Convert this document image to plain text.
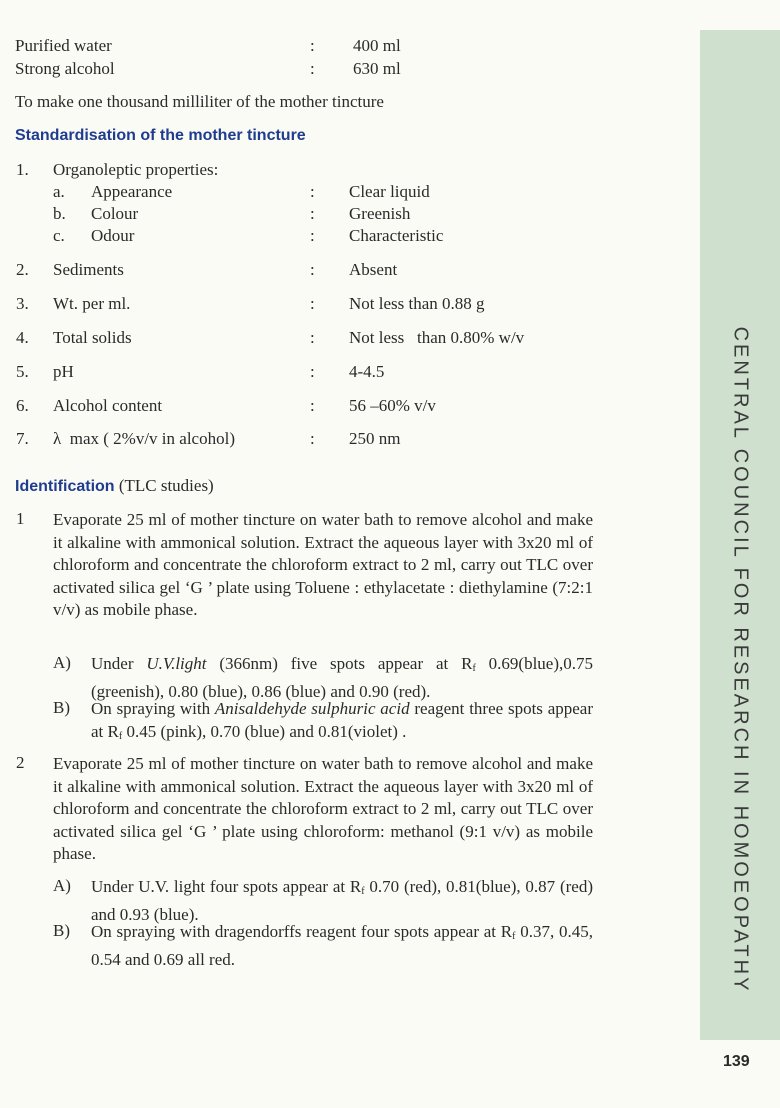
Purified water	: 400 ml
Strong alcohol	: 630 ml
To make one thousand milliliter of the mother tincture
Standardisation of the mother tincture
1. Organoleptic properties:
a. Appearance	: Clear liquid
b. Colour	: Greenish
c. Odour	: Characteristic
2. Sediments	: Absent
3. Wt. per ml.	: Not less than 0.88 g
4. Total solids	: Not less   than 0.80% w/v
5. pH	: 4-4.5
6. Alcohol content	: 56 –60% v/v
7. λ  max ( 2%v/v in alcohol)	: 250 nm
Identification (TLC studies)
1 Evaporate 25 ml of mother tincture on water bath to remove alcohol and make it alkaline with ammonical solution. Extract the aqueous layer with 3x20 ml of chloroform and concentrate the chloroform extract to 2 ml, carry out TLC over activated silica gel ‘G ’ plate using Toluene : ethylacetate : diethylamine (7:2:1 v/v) as mobile phase.
A) Under U.V.light (366nm) five spots appear at $R_f$ 0.69(blue),0.75 (greenish), 0.80 (blue), 0.86 (blue) and 0.90 (red).
B) On spraying with Anisaldehyde sulphuric acid reagent three spots appear at $R_f$ 0.45 (pink), 0.70 (blue) and 0.81(violet) .
2 Evaporate 25 ml of mother tincture on water bath to remove alcohol and make it alkaline with ammonical solution. Extract the aqueous layer with 3x20 ml of chloroform and concentrate the chloroform extract to 2 ml, carry out TLC over activated silica gel ‘G ’ plate using chloroform: methanol (9:1 v/v) as mobile phase.
A) Under U.V. light four spots appear at $R_f$ 0.70 (red), 0.81(blue), 0.87 (red) and 0.93 (blue).
B) On spraying with dragendorffs reagent four spots appear at $R_f$ 0.37, 0.45, 0.54 and 0.69 all red.	CENTRAL COUNCIL FOR RESEARCH IN HOMOEOPATHY
139
